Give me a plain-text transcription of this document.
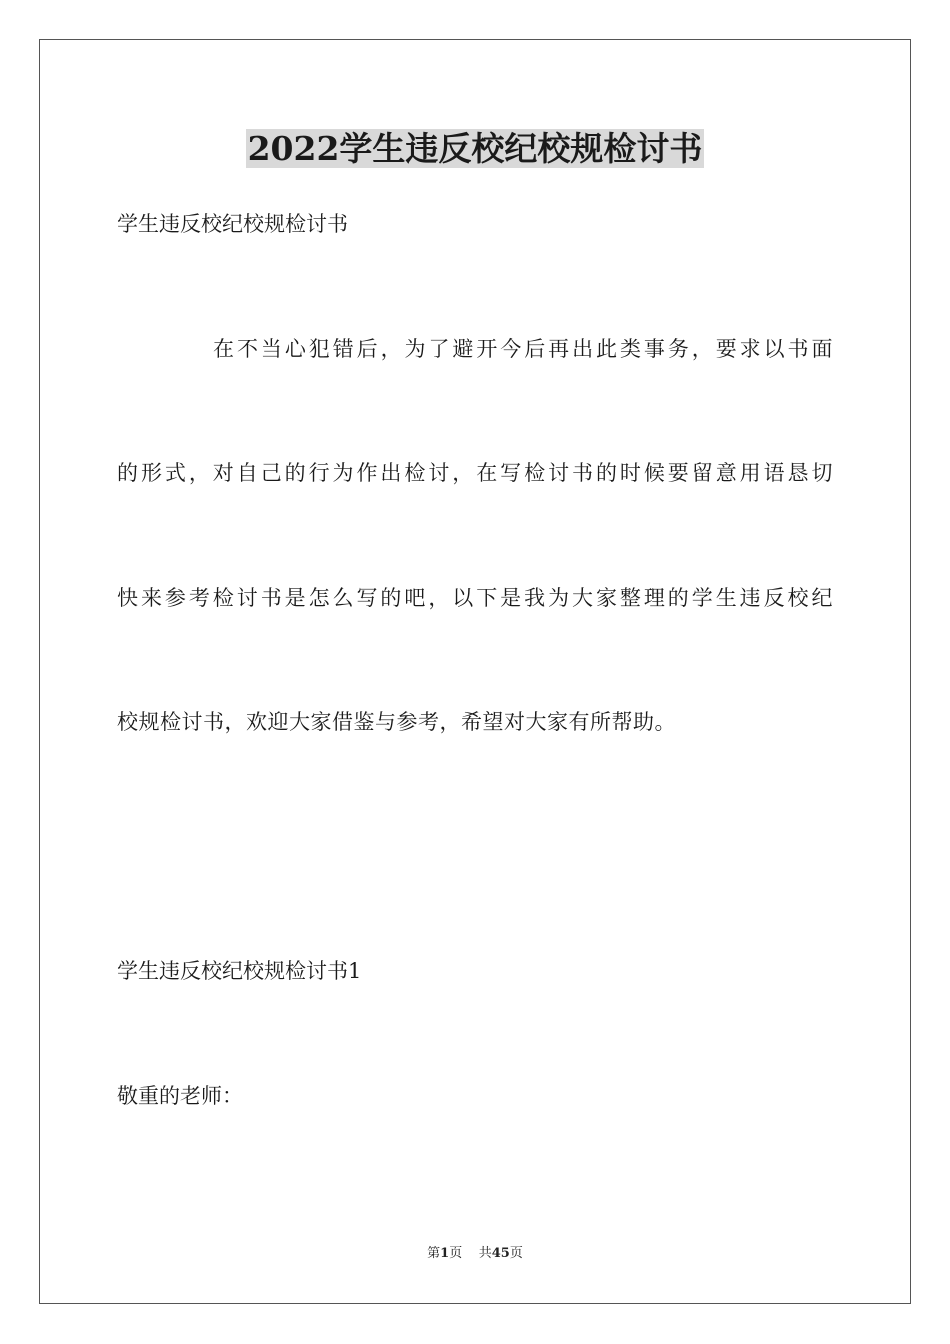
2022学生违反校纪校规检讨书
学生违反校纪校规检讨书
在不当心犯错后，为了避开今后再出此类事务，要求以书面
的形式，对自己的行为作出检讨，在写检讨书的时候要留意用语恳切
快来参考检讨书是怎么写的吧，以下是我为大家整理的学生违反校纪
校规检讨书，欢迎大家借鉴与参考，希望对大家有所帮助。
学生违反校纪校规检讨书1
敬重的老师：
第1页 共45页
